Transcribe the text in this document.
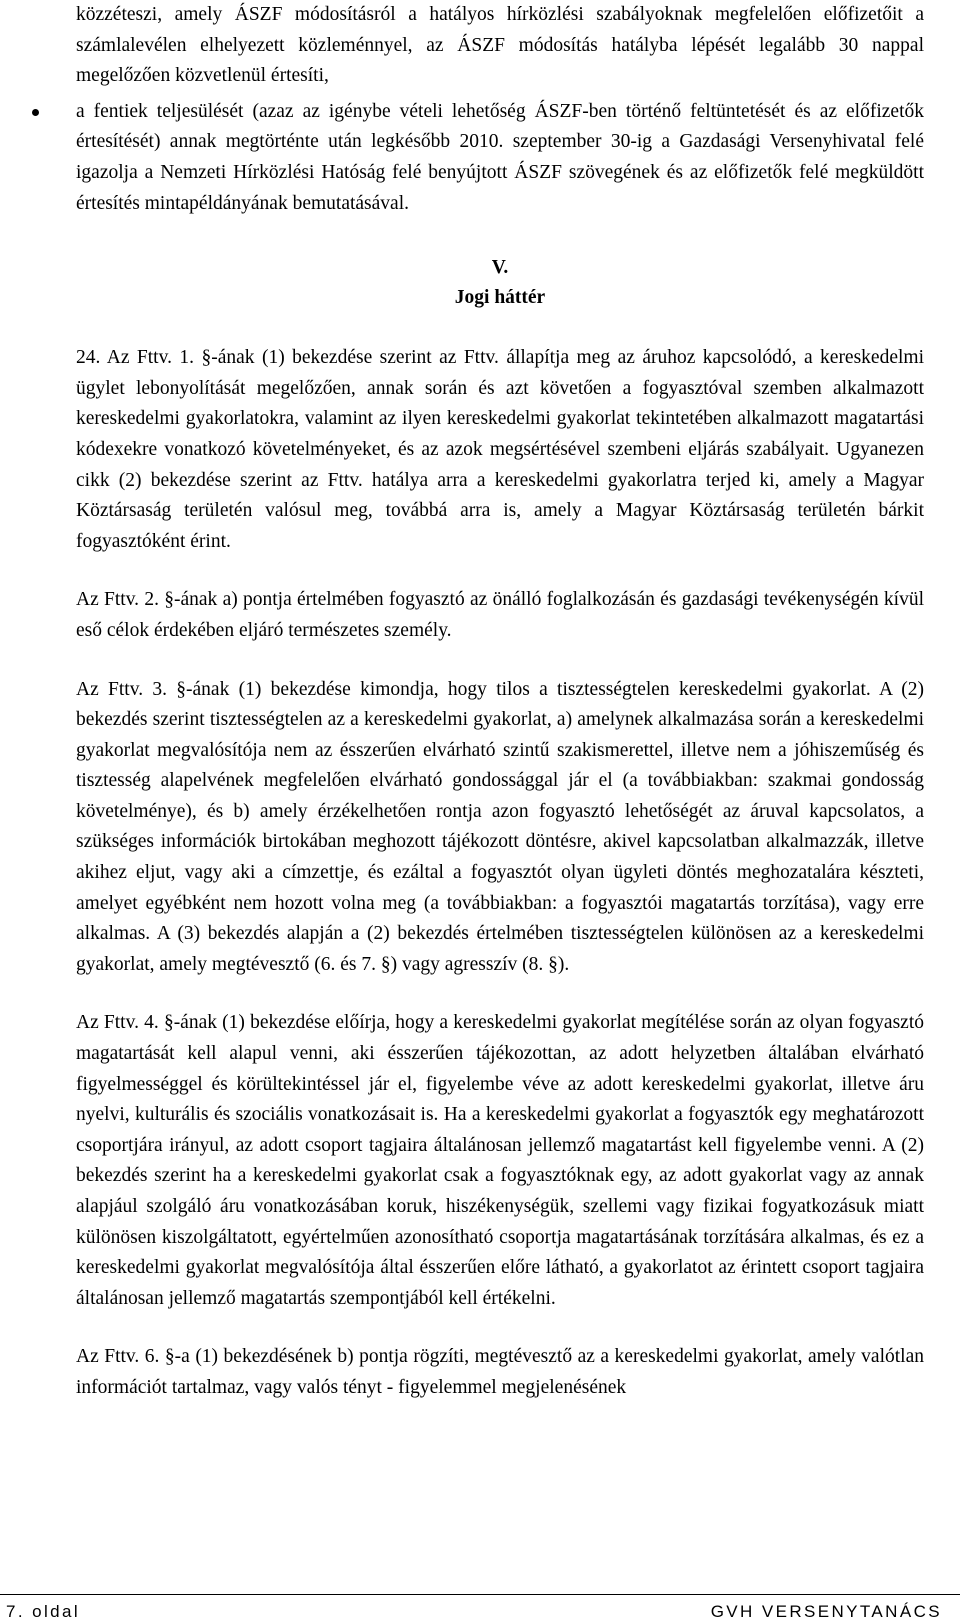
közzéteszi, amely ÁSZF módosításról a hatályos hírközlési szabályoknak megfelelően előfizetőit a számlalevélen elhelyezett közleménnyel, az ÁSZF módosítás hatályba lépését legalább 30 nappal megelőzően közvetlenül értesíti,

a fentiek teljesülését (azaz az igénybe vételi lehetőség ÁSZF-ben történő feltüntetését és az előfizetők értesítését) annak megtörténte után legkésőbb 2010. szeptember 30-ig a Gazdasági Versenyhivatal felé igazolja a Nemzeti Hírközlési Hatóság felé benyújtott ÁSZF szövegének és az előfizetők felé megküldött értesítés mintapéldányának bemutatásával.

V.

Jogi háttér

24. Az Fttv. 1. §-ának (1) bekezdése szerint az Fttv. állapítja meg az áruhoz kapcsolódó, a kereskedelmi ügylet lebonyolítását megelőzően, annak során és azt követően a fogyasztóval szemben alkalmazott kereskedelmi gyakorlatokra, valamint az ilyen kereskedelmi gyakorlat tekintetében alkalmazott magatartási kódexekre vonatkozó követelményeket, és az azok megsértésével szembeni eljárás szabályait. Ugyanezen cikk (2) bekezdése szerint az Fttv. hatálya arra a kereskedelmi gyakorlatra terjed ki, amely a Magyar Köztársaság területén valósul meg, továbbá arra is, amely a Magyar Köztársaság területén bárkit fogyasztóként érint.

Az Fttv. 2. §-ának a) pontja értelmében fogyasztó az önálló foglalkozásán és gazdasági tevékenységén kívül eső célok érdekében eljáró természetes személy.

Az Fttv. 3. §-ának (1) bekezdése kimondja, hogy tilos a tisztességtelen kereskedelmi gyakorlat. A (2) bekezdés szerint tisztességtelen az a kereskedelmi gyakorlat, a) amelynek alkalmazása során a kereskedelmi gyakorlat megvalósítója nem az ésszerűen elvárható szintű szakismerettel, illetve nem a jóhiszeműség és tisztesség alapelvének megfelelően elvárható gondossággal jár el (a továbbiakban: szakmai gondosság követelménye), és b) amely érzékelhetően rontja azon fogyasztó lehetőségét az áruval kapcsolatos, a szükséges információk birtokában meghozott tájékozott döntésre, akivel kapcsolatban alkalmazzák, illetve akihez eljut, vagy aki a címzettje, és ezáltal a fogyasztót olyan ügyleti döntés meghozatalára készteti, amelyet egyébként nem hozott volna meg (a továbbiakban: a fogyasztói magatartás torzítása), vagy erre alkalmas. A (3) bekezdés alapján a (2) bekezdés értelmében tisztességtelen különösen az a kereskedelmi gyakorlat, amely megtévesztő (6. és 7. §) vagy agresszív (8. §).

Az Fttv. 4. §-ának (1) bekezdése előírja, hogy a kereskedelmi gyakorlat megítélése során az olyan fogyasztó magatartását kell alapul venni, aki ésszerűen tájékozottan, az adott helyzetben általában elvárható figyelmességgel és körültekintéssel jár el, figyelembe véve az adott kereskedelmi gyakorlat, illetve áru nyelvi, kulturális és szociális vonatkozásait is. Ha a kereskedelmi gyakorlat a fogyasztók egy meghatározott csoportjára irányul, az adott csoport tagjaira általánosan jellemző magatartást kell figyelembe venni. A (2) bekezdés szerint ha a kereskedelmi gyakorlat csak a fogyasztóknak egy, az adott gyakorlat vagy az annak alapjául szolgáló áru vonatkozásában koruk, hiszékenységük, szellemi vagy fizikai fogyatkozásuk miatt különösen kiszolgáltatott, egyértelműen azonosítható csoportja magatartásának torzítására alkalmas, és ez a kereskedelmi gyakorlat megvalósítója által ésszerűen előre látható, a gyakorlatot az érintett csoport tagjaira általánosan jellemző magatartás szempontjából kell értékelni.

Az Fttv. 6. §-a (1) bekezdésének b) pontja rögzíti, megtévesztő az a kereskedelmi gyakorlat, amely valótlan információt tartalmaz, vagy valós tényt - figyelemmel megjelenésének

7. oldal	GVH VERSENYTANÁCS
